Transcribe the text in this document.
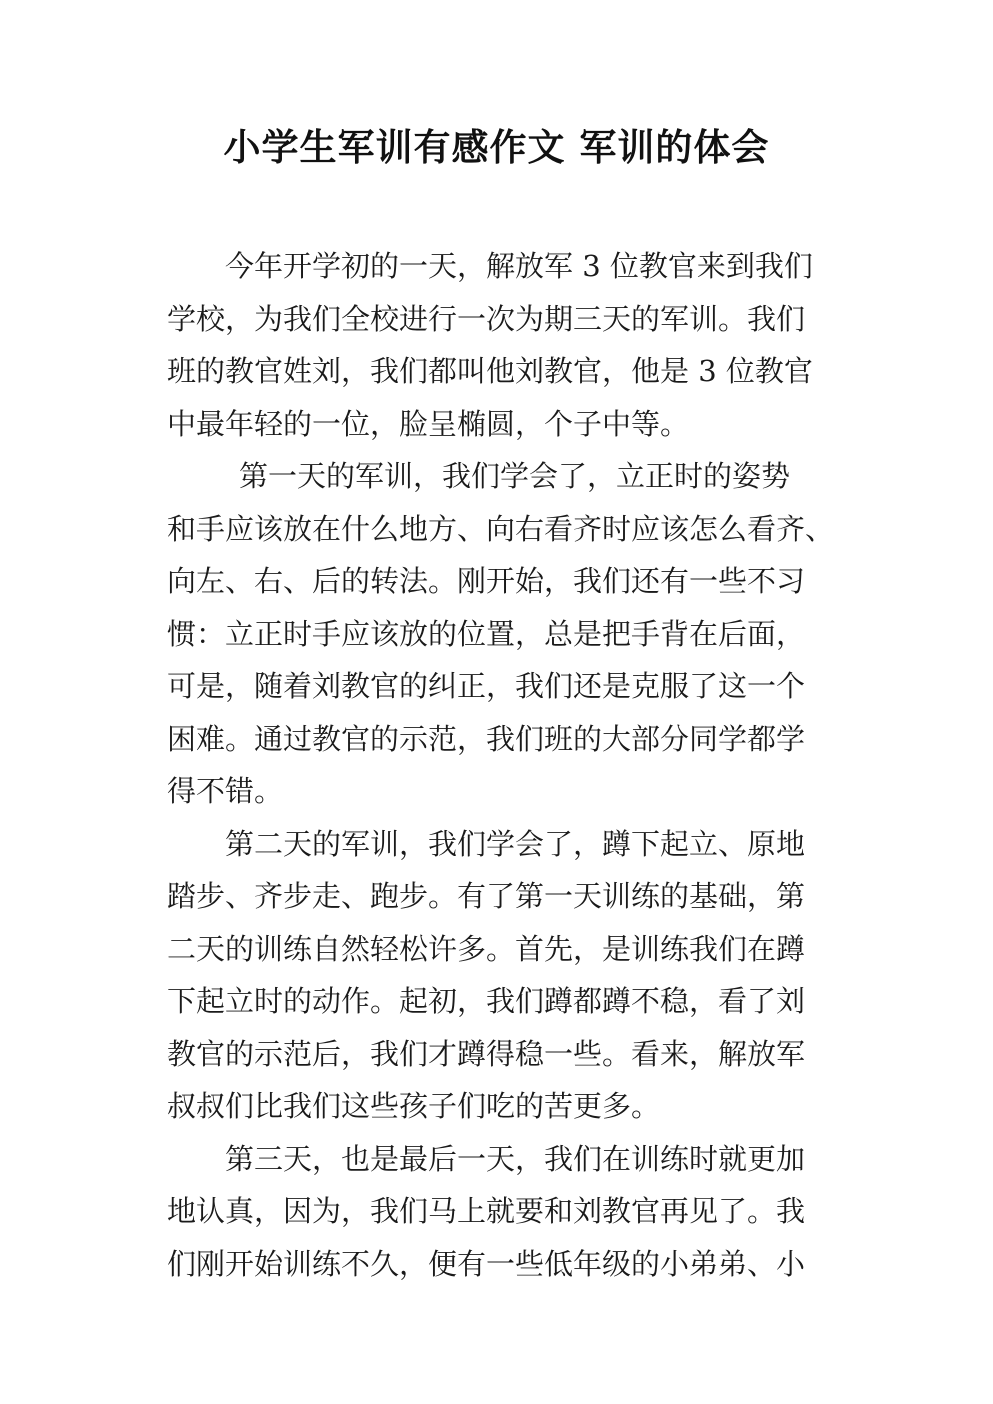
小学生军训有感作文 军训的体会
今年开学初的一天，解放军 3 位教官来到我们
学校，为我们全校进行一次为期三天的军训。我们
班的教官姓刘，我们都叫他刘教官，他是 3 位教官
中最年轻的一位，脸呈椭圆，个子中等。
第一天的军训，我们学会了，立正时的姿势
和手应该放在什么地方、向右看齐时应该怎么看齐、
向左、右、后的转法。刚开始，我们还有一些不习
惯：立正时手应该放的位置，总是把手背在后面，
可是，随着刘教官的纠正，我们还是克服了这一个
困难。通过教官的示范，我们班的大部分同学都学
得不错。
第二天的军训，我们学会了，蹲下起立、原地
踏步、齐步走、跑步。有了第一天训练的基础，第
二天的训练自然轻松许多。首先，是训练我们在蹲
下起立时的动作。起初，我们蹲都蹲不稳，看了刘
教官的示范后，我们才蹲得稳一些。看来，解放军
叔叔们比我们这些孩子们吃的苦更多。
第三天，也是最后一天，我们在训练时就更加
地认真，因为，我们马上就要和刘教官再见了。我
们刚开始训练不久，便有一些低年级的小弟弟、小
